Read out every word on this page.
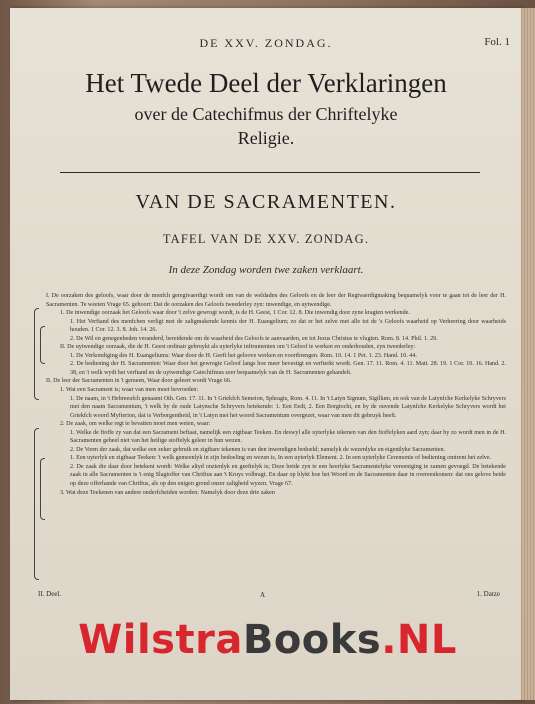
DE XXV. ZONDAG.	Fol. 1
Het Twede Deel der Verklaringen
over de Catechifmus der Chriftelyke
Religie.
VAN DE SACRAMENTEN.
TAFEL VAN DE XXV. ZONDAG.
In deze Zondag worden twe zaken verklaart.
I. De oorzaken des geloofs, waar door de menfch geregtvaerdigt wordt om van de weldaden des Geloofs en de leer der Regtvaerdigmaking bequamelyk voor te gaan tot de leer der H. Sacramenten. Te weeten Vrage 65. gehoort: Dat de oorzaken des Geloofs tweederley zyn: inwendige, en uytwendige.
1. De inwendige oorzaak het Geloofs waar door 't zelve gewrogt wordt, is de H. Geest, 1 Cor. 12. 8. Die inwendig door zyne kragten werkende.
1. Het Verftand des menfchen verligt met de zaligmakende kennis der H. Euangelium; zo dat er het zelve met alle tot de 's Geloofs waarheid op Verheering door waarheids houden. 1 Cor. 12. 3. 8. Joh. 14. 26.
2. De Wil en genegenheden veranderd, bereidende om de waarheid des Geloofs te aanvaarden, en tot Jezus Christus te vlugten. Rom. 8. 14. Phil. 1. 29.
II. De uytwendige oorzaak, die de H. Geest ordinair gebruykt als uyterlyke inftrumenten om 't Geloof te werken en onderhouden, zyn tweederley:
1. De Verkondiging des H. Euangeliums: Waar door de H. Geeft het geloove werken en voortbrengen. Rom. 10. 14. 1 Pet. 1. 23. Hand. 10. 44.
2. De bediening der H. Sacramenten: Waar door het gewrogte Geloof langs hoe meer bevestigt en verfterkt wordt. Gen. 17. 11. Rom. 4. 11. Matt. 28. 19. 1 Cor. 10. 16. Hand. 2. 38, en 't welk wydt het verftand en de uytwendige Catechifmus zeer bequamelyk van de H. Sacramenten gehandelt.
II. De leer der Sacramenten in 't gemeen, Waar door geleert wordt Vrage 66.
1. Wat een Sacrament is; waar van men moet bevroeden:
1. De naam, in 't Hebreeufch genaamt Oth. Gen. 17. 11. In 't Griekfch Semeion, Sphragis, Rom. 4. 11. In 't Latyn Signum, Sigillum, en ook van de Latynfche Kerkelyke Schryvers met den naam Sacramentum, 't welk by de oude Latynsche Schryvers betekende: 1. Een Eedt, 2. Een Borgtocht, en by de ouvende Latynfche Kerkelyke Schryvers wordt het Griekfch woord Myfterion, dat is Verborgentheid, in 't Latyn met het woord Sacramentum overgezet, waar van men dit gebruyk heeft.
2. De zaak, om welke regt te bevatten moet men weten, waar:
1. Welke de ftoffe zy van dat een Sacrament beftaat, namelijk een zigtbaar Teeken. En deswyl alle uyterlyke tekenen van den ftoffelyken aard zyn; daar by zo wordt men in de H. Sacramenten geheel niet van het heilige stoffelyk geleer in hun wezen.
2. De Vorm der zaak, dat welke een zeker gebruik en zigtbare tekenen is van den inwendigen bedoeld; namelyk de wezenlyke en eigentlyke Sacramenten.
1. Een uyterlyk en zigtbaar Teeken: 't welk gemeenlyk in zijn bedoeling en wezen is, In een uyterlyk Element. 2. In een uyterlyke Ceremonie of bediening omtrent het zelve.
2. De zaak die daar door betekent wordt: Welke altyd onzienlyk en geeftelyk is; Deze beide zyn te een heerlyke Sacramentelyke vereeniging te zamen gevoegd. De betekende zaak in alle Sacramenten is 't enig Slagtoffer van Chriftus aan 't Kruys volbragt. En daar op blykt hoe het Woord en de Sacramenten daar in overeenkomen: dat ons gelove beide op deze offerhande van Chriftus, als op den enigen grond onzer zaligheid wyzen. Vrage 67.
3. Wat deze Teekenen van andere onderfcheiden worden: Namelyk door deze drie zaken
II. Deel.	A	1. Datze
WilstraBooks.NL
